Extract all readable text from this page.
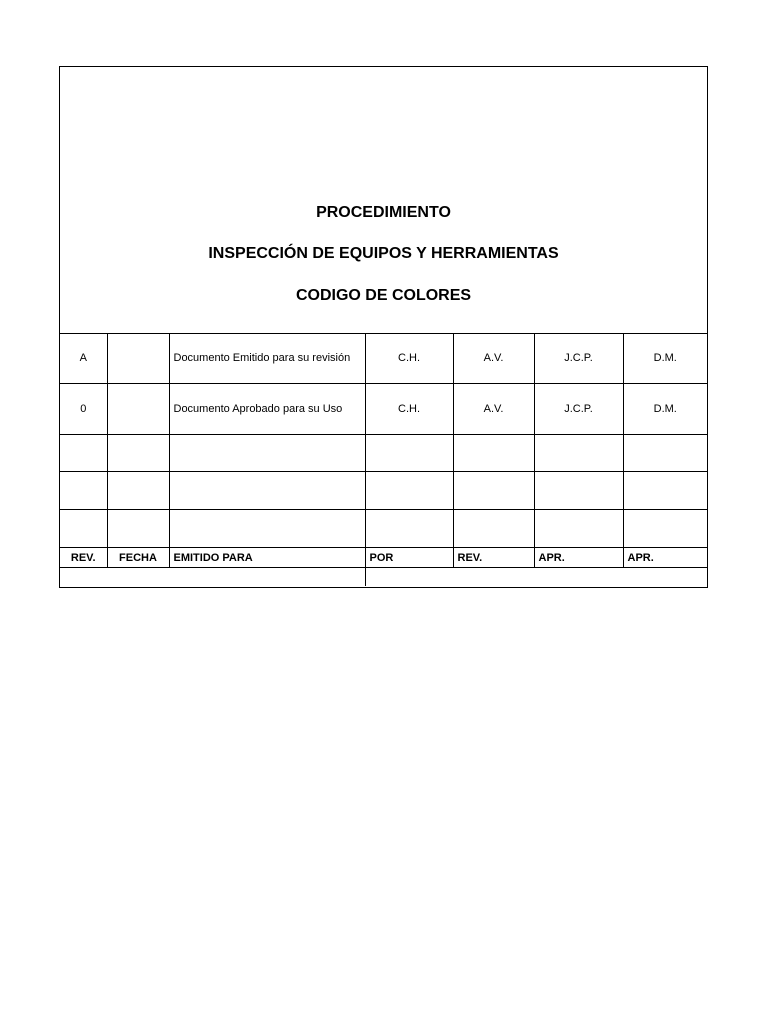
PROCEDIMIENTO
INSPECCIÓN DE EQUIPOS Y HERRAMIENTAS
CODIGO DE COLORES
A		Documento Emitido para su revisión	C.H.	A.V.	J.C.P.	D.M.
0		Documento Aprobado para su Uso	C.H.	A.V.	J.C.P.	D.M.

REV.	FECHA	EMITIDO PARA	POR	REV.	APR.	APR.
